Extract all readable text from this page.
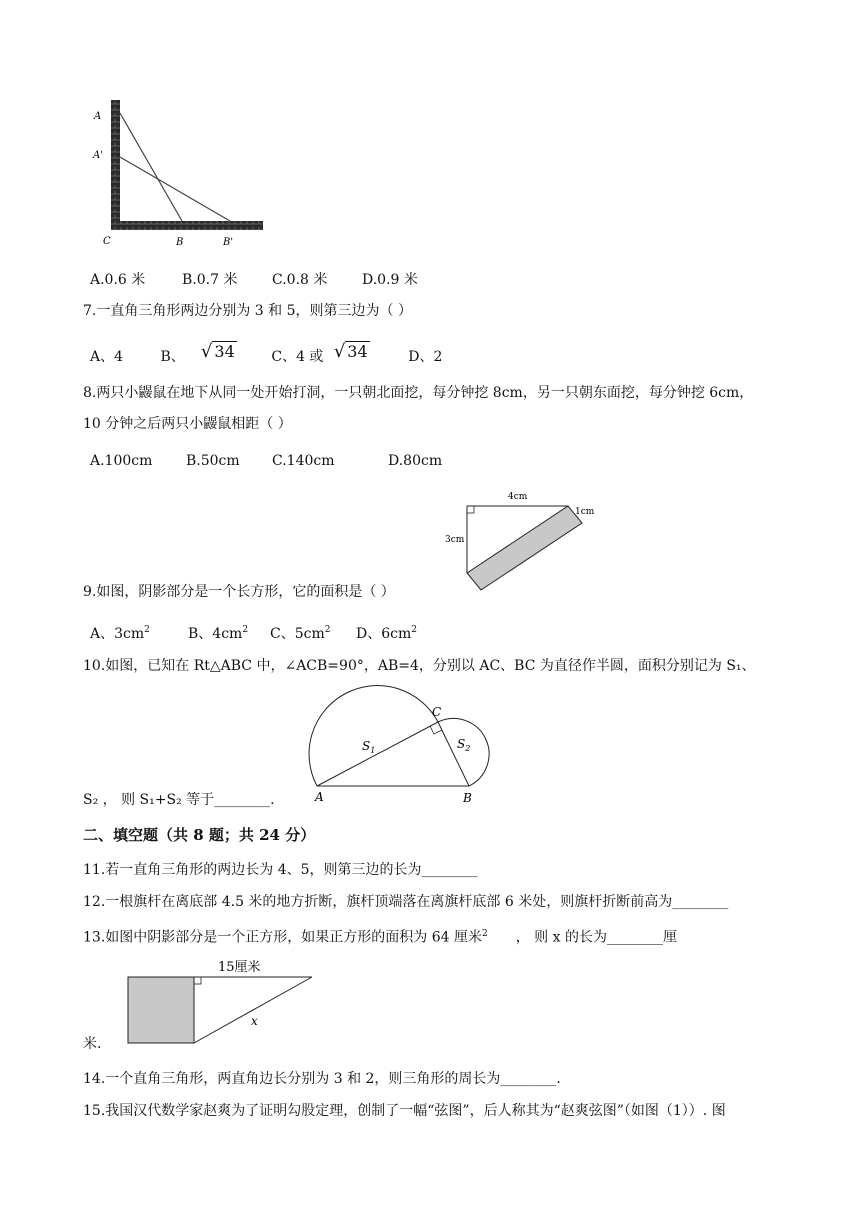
A
A'
C	B	B'
A.0.6 米	B.0.7 米 C.0.8 米 D.0.9 米
7.一直角三角形两边分别为 3 和 5，则第三边为（ ）
A、4	B、 √ 34	C、4 或 √ 34	D、2
8.两只小鼹鼠在地下从同一处开始打洞，一只朝北面挖，每分钟挖 8cm，另一只朝东面挖，每分钟挖 6cm，
10 分钟之后两只小鼹鼠相距（ ）
A.100cm B.50cm C.140cm	D.80cm
4cm
1cm
3cm
9.如图，阴影部分是一个长方形，它的面积是（ ）
A、3cm2	B、4cm2 C、5cm2 D、6cm2
10.如图，已知在 Rt△ABC 中，∠ACB=90°，AB=4，分别以 AC、BC 为直径作半圆，面积分别记为 S₁、
C
$S_1$	$S_2$
A	B
S₂ ， 则 S₁+S₂ 等于________.
二、填空题（共 8 题；共 24 分）
11.若一直角三角形的两边长为 4、5，则第三边的长为________
12.一根旗杆在离底部 4.5 米的地方折断，旗杆顶端落在离旗杆底部 6 米处，则旗杆折断前高为________
13.如图中阴影部分是一个正方形，如果正方形的面积为 64 厘米$^2$ ， 则 x 的长为________厘
15厘米
x
米.
14.一个直角三角形，两直角边长分别为 3 和 2，则三角形的周长为________.
15.我国汉代数学家赵爽为了证明勾股定理，创制了一幅“弦图”，后人称其为“赵爽弦图”（如图（1））. 图
